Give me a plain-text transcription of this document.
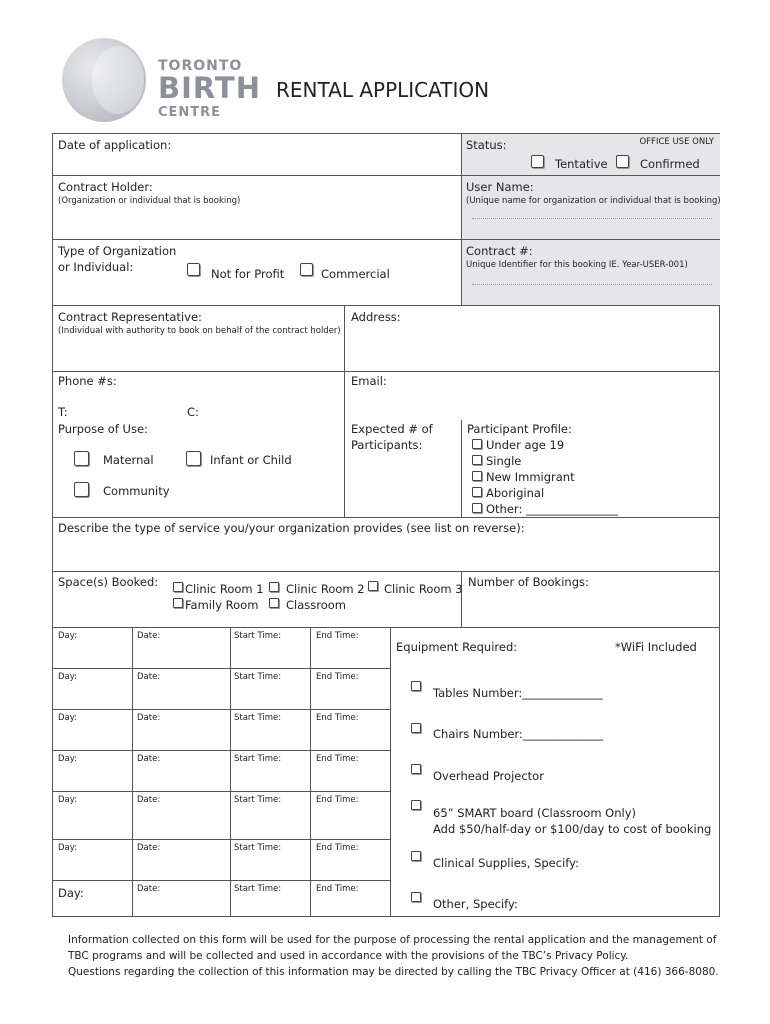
TORONTO
BIRTH
CENTRE
RENTAL APPLICATION
Date of application:	Status:	OFFICE USE ONLY
Tentative	Confirmed
Contract Holder:
(Organization or individual that is booking)
User Name:
(Unique name for organization or individual that is booking)
Type of Organization
or Individual:	Not for Profit	Commercial
Contract #:
Unique Identifier for this booking IE. Year-USER-001)
Contract Representative:
(Individual with authority to book on behalf of the contract holder)
Address:
Phone #s:
T:	C:
Email:
Purpose of Use:
Maternal	Infant or Child
Community
Expected # of
Participants:
Participant Profile:
Under age 19
Single
New Immigrant
Aboriginal
Other: ________________
Describe the type of service you/your organization provides (see list on reverse):
Space(s) Booked: Clinic Room 1 Clinic Room 2 Clinic Room 3
Family Room Classroom
Number of Bookings:
Day:	Date:	Start Time:	End Time:
Day:	Date:	Start Time:	End Time:
Day:	Date:	Start Time:	End Time:
Day:	Date:	Start Time:	End Time:
Day:	Date:	Start Time:	End Time:
Day:	Date:	Start Time:	End Time:
Day:	Date:	Start Time:	End Time:
Equipment Required:	*WiFi Included
Tables Number:______________
Chairs Number:______________
Overhead Projector
65” SMART board (Classroom Only)
Add $50/half-day or $100/day to cost of booking
Clinical Supplies, Specify:
Other, Specify:
Information collected on this form will be used for the purpose of processing the rental application and the management of
TBC programs and will be collected and used in accordance with the provisions of the TBC’s Privacy Policy.
Questions regarding the collection of this information may be directed by calling the TBC Privacy Officer at (416) 366-8080.
